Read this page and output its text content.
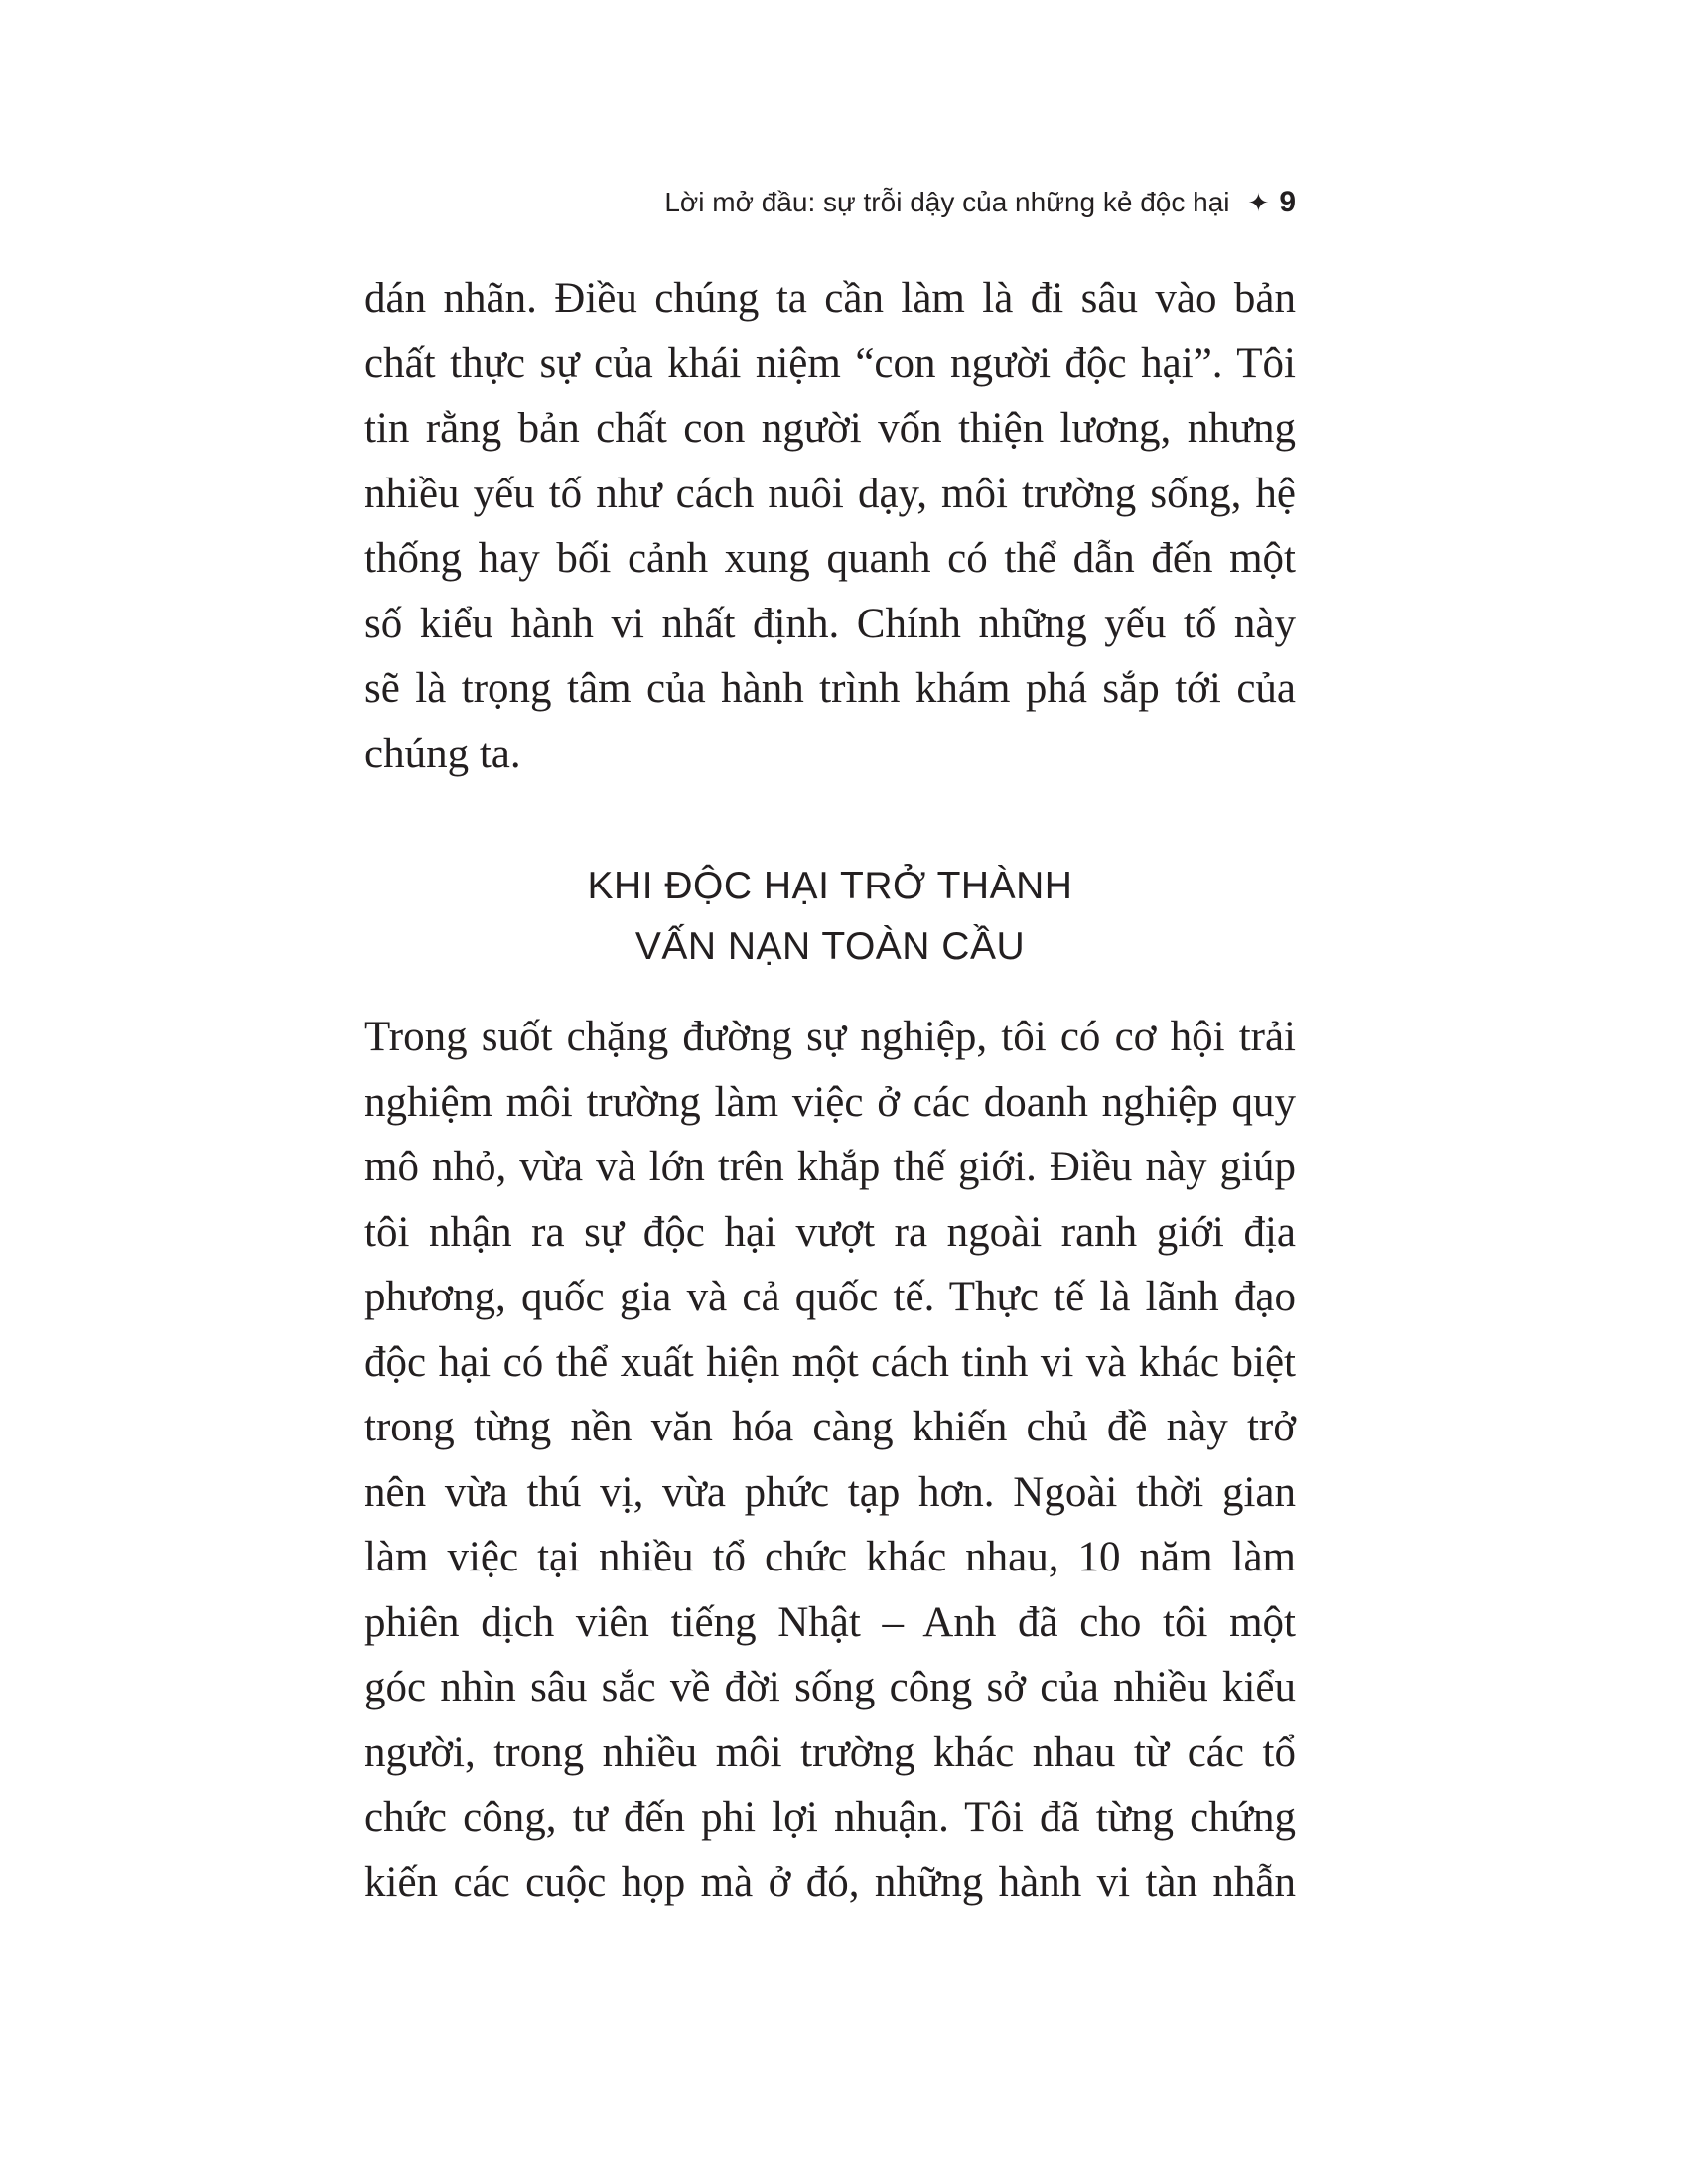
Lời mở đầu: sự trỗi dậy của những kẻ độc hại ✦ 9
dán nhãn. Điều chúng ta cần làm là đi sâu vào bản
chất thực sự của khái niệm “con người độc hại”. Tôi
tin rằng bản chất con người vốn thiện lương, nhưng
nhiều yếu tố như cách nuôi dạy, môi trường sống, hệ
thống hay bối cảnh xung quanh có thể dẫn đến một
số kiểu hành vi nhất định. Chính những yếu tố này
sẽ là trọng tâm của hành trình khám phá sắp tới của
chúng ta.
KHI ĐỘC HẠI TRỞ THÀNH
VẤN NẠN TOÀN CẦU
Trong suốt chặng đường sự nghiệp, tôi có cơ hội trải
nghiệm môi trường làm việc ở các doanh nghiệp quy
mô nhỏ, vừa và lớn trên khắp thế giới. Điều này giúp
tôi nhận ra sự độc hại vượt ra ngoài ranh giới địa
phương, quốc gia và cả quốc tế. Thực tế là lãnh đạo
độc hại có thể xuất hiện một cách tinh vi và khác biệt
trong từng nền văn hóa càng khiến chủ đề này trở
nên vừa thú vị, vừa phức tạp hơn. Ngoài thời gian
làm việc tại nhiều tổ chức khác nhau, 10 năm làm
phiên dịch viên tiếng Nhật – Anh đã cho tôi một
góc nhìn sâu sắc về đời sống công sở của nhiều kiểu
người, trong nhiều môi trường khác nhau từ các tổ
chức công, tư đến phi lợi nhuận. Tôi đã từng chứng
kiến các cuộc họp mà ở đó, những hành vi tàn nhẫn
